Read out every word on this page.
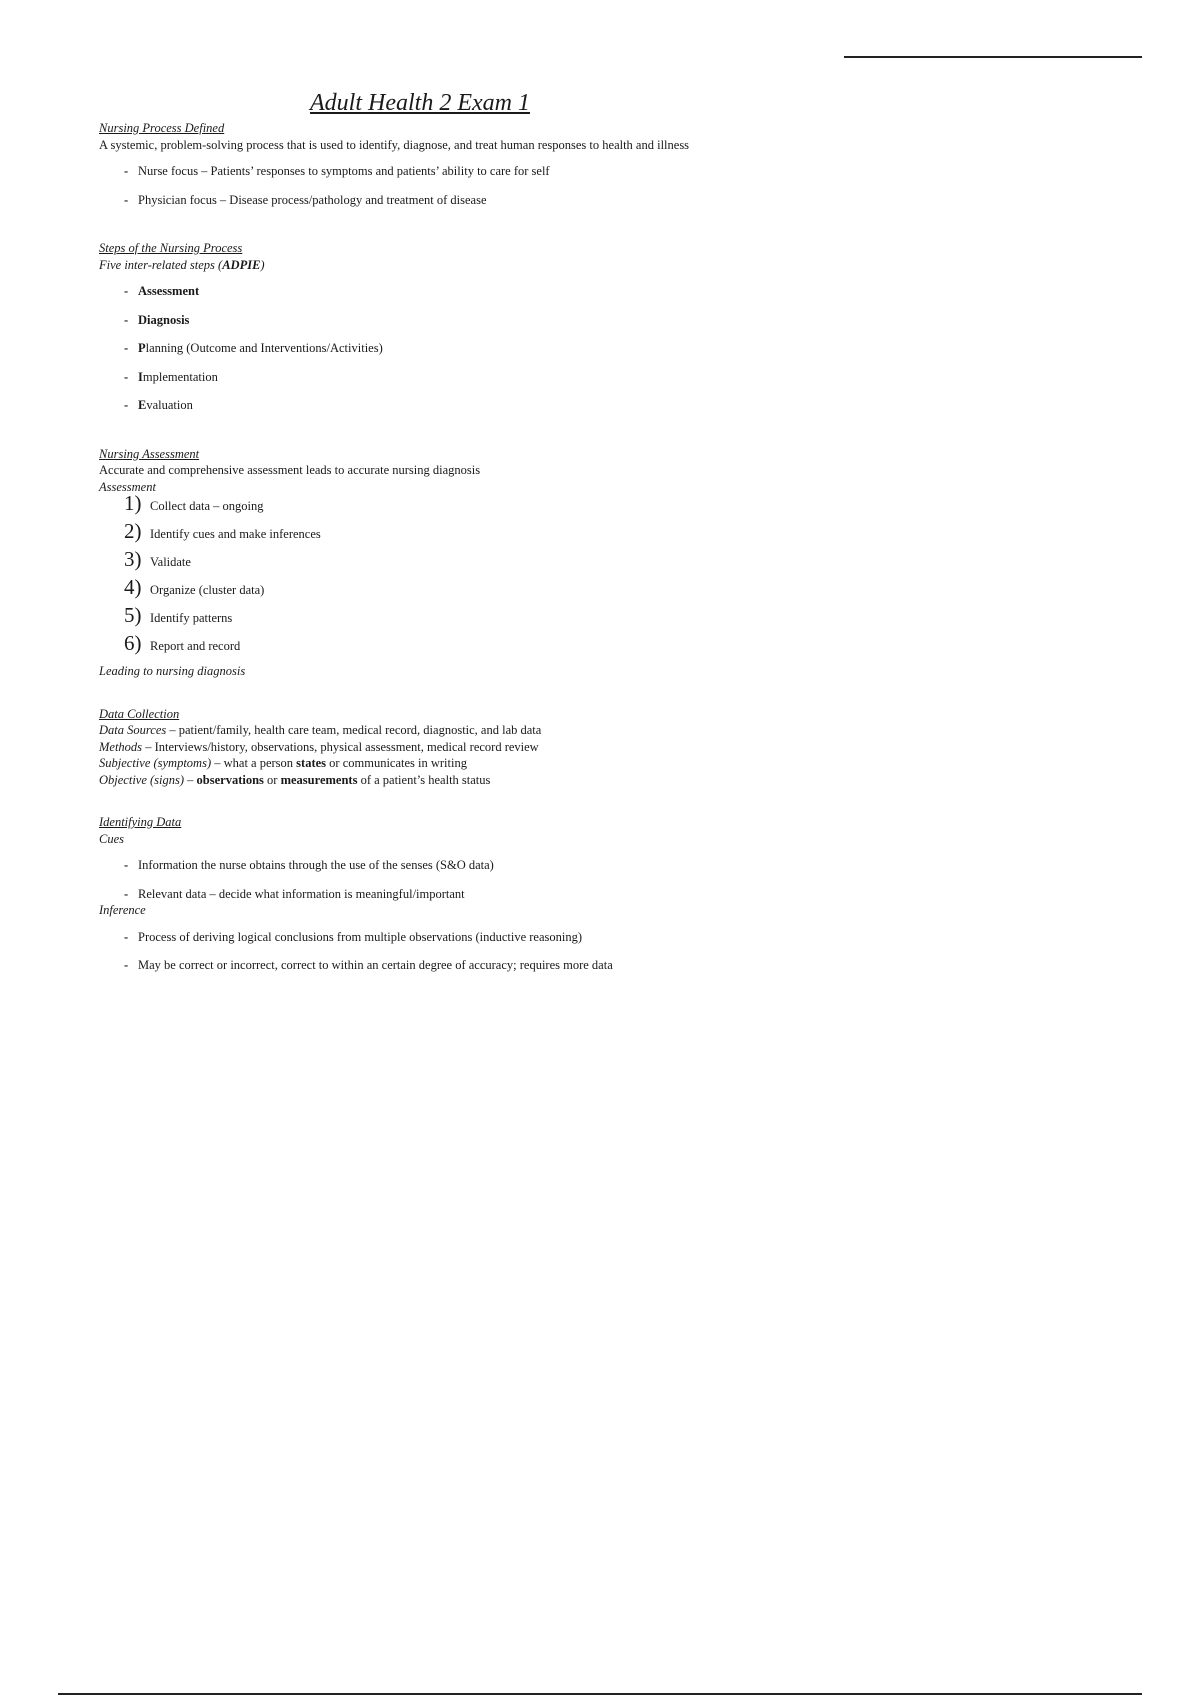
Adult Health 2 Exam 1
Nursing Process Defined
A systemic, problem-solving process that is used to identify, diagnose, and treat human responses to health and illness
‑ Nurse focus – Patients’ responses to symptoms and patients’ ability to care for self
‑ Physician focus – Disease process/pathology and treatment of disease
Steps of the Nursing Process
Five inter-related steps (ADPIE)
‑ Assessment
‑ Diagnosis
‑ Planning (Outcome and Interventions/Activities)
‑ Implementation
‑ Evaluation
Nursing Assessment
Accurate and comprehensive assessment leads to accurate nursing diagnosis
Assessment
1) Collect data – ongoing
2) Identify cues and make inferences
3) Validate
4) Organize (cluster data)
5) Identify patterns
6) Report and record
Leading to nursing diagnosis
Data Collection
Data Sources – patient/family, health care team, medical record, diagnostic, and lab data
Methods – Interviews/history, observations, physical assessment, medical record review
Subjective (symptoms) – what a person states or communicates in writing
Objective (signs) – observations or measurements of a patient’s health status
Identifying Data
Cues
‑ Information the nurse obtains through the use of the senses (S&O data)
‑ Relevant data – decide what information is meaningful/important
Inference
‑ Process of deriving logical conclusions from multiple observations (inductive reasoning)
‑ May be correct or incorrect, correct to within an certain degree of accuracy; requires more data
